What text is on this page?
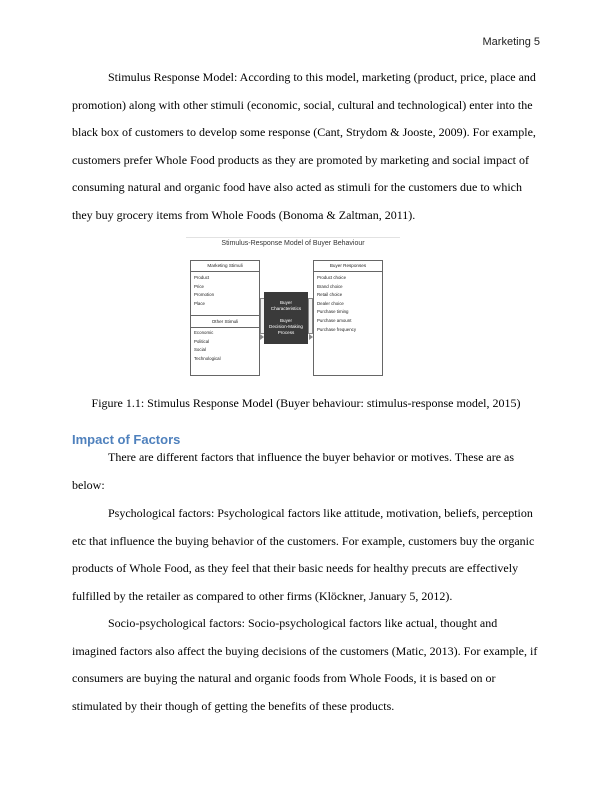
Marketing 5

Stimulus Response Model: According to this model, marketing (product, price, place and promotion) along with other stimuli (economic, social, cultural and technological) enter into the black box of customers to develop some response (Cant, Strydom & Jooste, 2009). For example, customers prefer Whole Food products as they are promoted by marketing and social impact of consuming natural and organic food have also acted as stimuli for the customers due to which they buy grocery items from Whole Foods (Bonoma & Zaltman, 2011).

Stimulus-Response Model of Buyer Behaviour
Marketing Stimuli
Product
Price
Promotion
Place
Other Stimuli
Economic
Political
Social
Technological
Buyer
Characteristics
Buyer
Decision-Making
Process
Buyer Responses
Product choice
Brand choice
Retail choice
Dealer choice
Purchase timing
Purchase amount
Purchase frequency

Figure 1.1: Stimulus Response Model (Buyer behaviour: stimulus-response model, 2015)

Impact of Factors

There are different factors that influence the buyer behavior or motives. These are as below:

Psychological factors: Psychological factors like attitude, motivation, beliefs, perception etc that influence the buying behavior of the customers. For example, customers buy the organic products of Whole Food, as they feel that their basic needs for healthy precuts are effectively fulfilled by the retailer as compared to other firms (Klöckner, January 5, 2012).

Socio-psychological factors: Socio-psychological factors like actual, thought and imagined factors also affect the buying decisions of the customers (Matic, 2013). For example, if consumers are buying the natural and organic foods from Whole Foods, it is based on or stimulated by their though of getting the benefits of these products.
